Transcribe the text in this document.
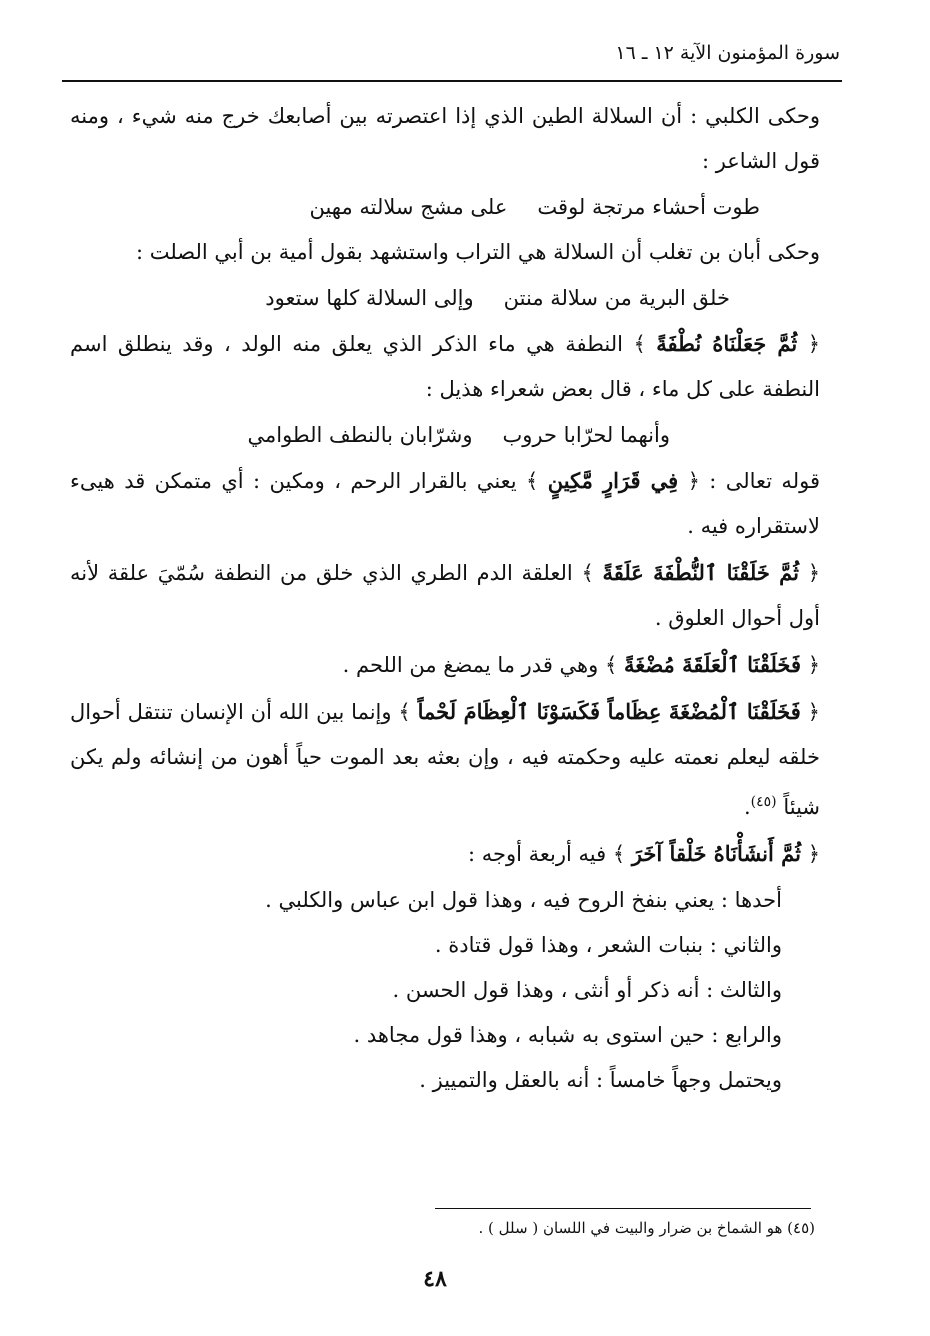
سورة المؤمنون الآية ١٢ ـ ١٦

وحكى الكلبي : أن السلالة الطين الذي إذا اعتصرته بين أصابعك خرج منه شيء ، ومنه قول الشاعر :

طوت أحشاء مرتجة لوقت
على مشج سلالته مهين

وحكى أبان بن تغلب أن السلالة هي التراب واستشهد بقول أمية بن أبي الصلت :

خلق البرية من سلالة منتن
وإلى السلالة كلها ستعود

﴿ ثُمَّ جَعَلْنَاهُ نُطْفَةً ﴾ النطفة هي ماء الذكر الذي يعلق منه الولد ، وقد ينطلق اسم النطفة على كل ماء ، قال بعض شعراء هذيل :

وأنهما لحرّابا حروب
وشرّابان بالنطف الطوامي

قوله تعالى : ﴿ فِي قَرَارٍ مَّكِينٍ ﴾ يعني بالقرار الرحم ، ومكين : أي متمكن قد هيىء لاستقراره فيه .

﴿ ثُمَّ خَلَقْنَا ٱلنُّطْفَةَ عَلَقَةً ﴾ العلقة الدم الطري الذي خلق من النطفة سُمّيَ علقة لأنه أول أحوال العلوق .

﴿ فَخَلَقْنَا ٱلْعَلَقَةَ مُضْغَةً ﴾ وهي قدر ما يمضغ من اللحم .

﴿ فَخَلَقْنَا ٱلْمُضْغَةَ عِظَاماً فَكَسَوْنَا ٱلْعِظَامَ لَحْماً ﴾ وإنما بين الله أن الإنسان تنتقل أحوال خلقه ليعلم نعمته عليه وحكمته فيه ، وإن بعثه بعد الموت حياً أهون من إنشائه ولم يكن شيئاً $^{(٤٥)}$.

﴿ ثُمَّ أَنشَأْنَاهُ خَلْقاً آخَرَ ﴾ فيه أربعة أوجه :

أحدها : يعني بنفخ الروح فيه ، وهذا قول ابن عباس والكلبي .

والثاني : بنبات الشعر ، وهذا قول قتادة .

والثالث : أنه ذكر أو أنثى ، وهذا قول الحسن .

والرابع : حين استوى به شبابه ، وهذا قول مجاهد .

ويحتمل وجهاً خامساً : أنه بالعقل والتمييز .

(٤٥) هو الشماخ بن ضرار والبيت في اللسان ( سلل ) .
٤٨
